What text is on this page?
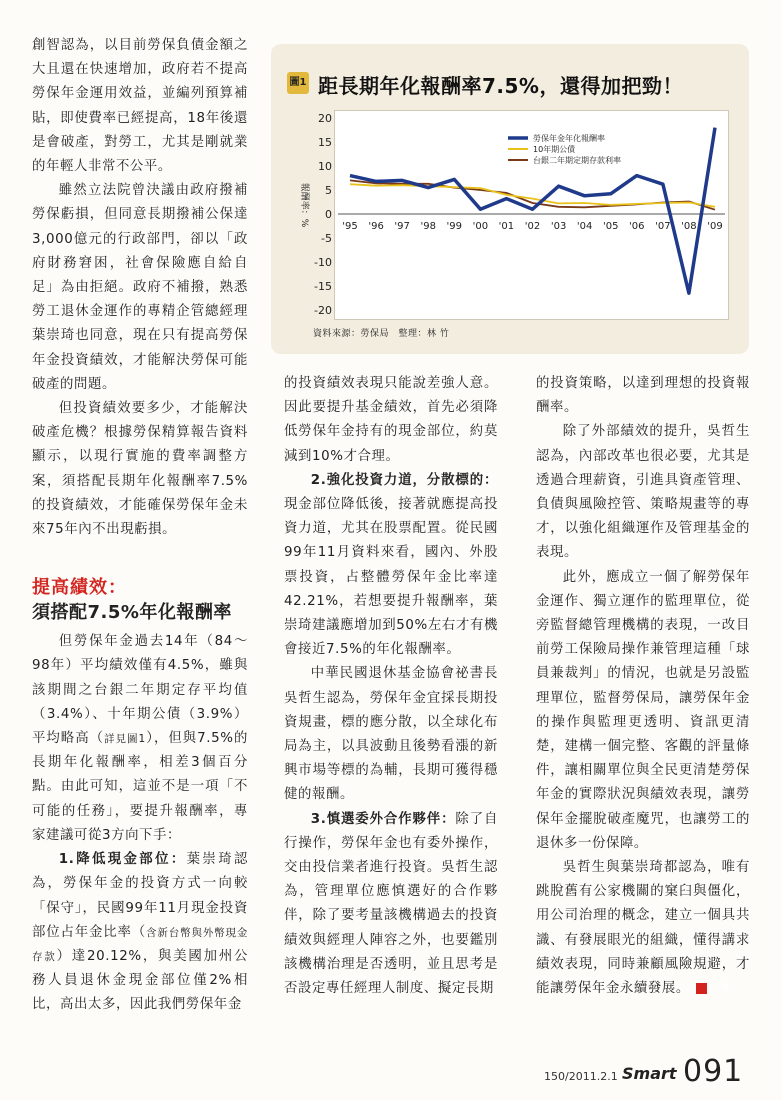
創智認為，以目前勞保負債金額之大且還在快速增加，政府若不提高勞保年金運用效益，並編列預算補貼，即使費率已經提高，18年後還是會破產，對勞工，尤其是剛就業的年輕人非常不公平。

雖然立法院曾決議由政府撥補勞保虧損，但同意長期撥補公保達3,000億元的行政部門，卻以「政府財務窘困，社會保險應自給自足」為由拒絕。政府不補撥，熟悉勞工退休金運作的專精企管總經理葉崇琦也同意，現在只有提高勞保年金投資績效，才能解決勞保可能破產的問題。

但投資績效要多少，才能解決破產危機？根據勞保精算報告資料顯示，以現行實施的費率調整方案，須搭配長期年化報酬率7.5%的投資績效，才能確保勞保年金未來75年內不出現虧損。

提高績效：
須搭配7.5%年化報酬率

但勞保年金過去14年（84～98年）平均績效僅有4.5%，雖與該期間之台銀二年期定存平均值（3.4%）、十年期公債（3.9%）平均略高（詳見圖1），但與7.5%的長期年化報酬率，相差3個百分點。由此可知，這並不是一項「不可能的任務」，要提升報酬率，專家建議可從3方向下手：

1.降低現金部位：葉崇琦認為，勞保年金的投資方式一向較「保守」，民國99年11月現金投資部位占年金比率（含新台幣與外幣現金存款）達20.12%，與美國加州公務人員退休金現金部位僅2%相比，高出太多，因此我們勞保年金

的投資績效表現只能說差強人意。因此要提升基金績效，首先必須降低勞保年金持有的現金部位，約莫減到10%才合理。

2.強化投資力道，分散標的：現金部位降低後，接著就應提高投資力道，尤其在股票配置。從民國99年11月資料來看，國內、外股票投資，占整體勞保年金比率達42.21%，若想要提升報酬率，葉崇琦建議應增加到50%左右才有機會接近7.5%的年化報酬率。

中華民國退休基金協會祕書長吳哲生認為，勞保年金宜採長期投資規畫，標的應分散，以全球化布局為主，以具波動且後勢看漲的新興市場等標的為輔，長期可獲得穩健的報酬。

3.慎選委外合作夥伴：除了自行操作，勞保年金也有委外操作，交由投信業者進行投資。吳哲生認為，管理單位應慎選好的合作夥伴，除了要考量該機構過去的投資績效與經理人陣容之外，也要鑑別該機構治理是否透明，並且思考是否設定專任經理人制度、擬定長期

的投資策略，以達到理想的投資報酬率。

除了外部績效的提升，吳哲生認為，內部改革也很必要，尤其是透過合理薪資，引進具資產管理、負債與風險控管、策略規畫等的專才，以強化組織運作及管理基金的表現。

此外，應成立一個了解勞保年金運作、獨立運作的監理單位，從旁監督總管理機構的表現，一改目前勞工保險局操作兼管理這種「球員兼裁判」的情況，也就是另設監理單位，監督勞保局，讓勞保年金的操作與監理更透明、資訊更清楚，建構一個完整、客觀的評量條件，讓相關單位與全民更清楚勞保年金的實際狀況與績效表現，讓勞保年金擺脫破產魔咒，也讓勞工的退休多一份保障。

吳哲生與葉崇琦都認為，唯有跳脫舊有公家機關的窠臼與僵化，用公司治理的概念，建立一個具共識、有發展眼光的組織，懂得講求績效表現，同時兼顧風險規避，才能讓勞保年金永續發展。	S

圖1 距長期年化報酬率7.5%，還得加把勁！
20
15
10
5
0
-5
-10
-15
-20
報酬率：%	'95 '96 '97 '98 '99 '00 '01 '02 '03 '04 '05 '06 '07 '08 '09
勞保年金年化報酬率
10年期公債
台銀二年期定期存款利率
資料來源：勞保局　整理：林 竹
150/2011.2.1 Smart 091
